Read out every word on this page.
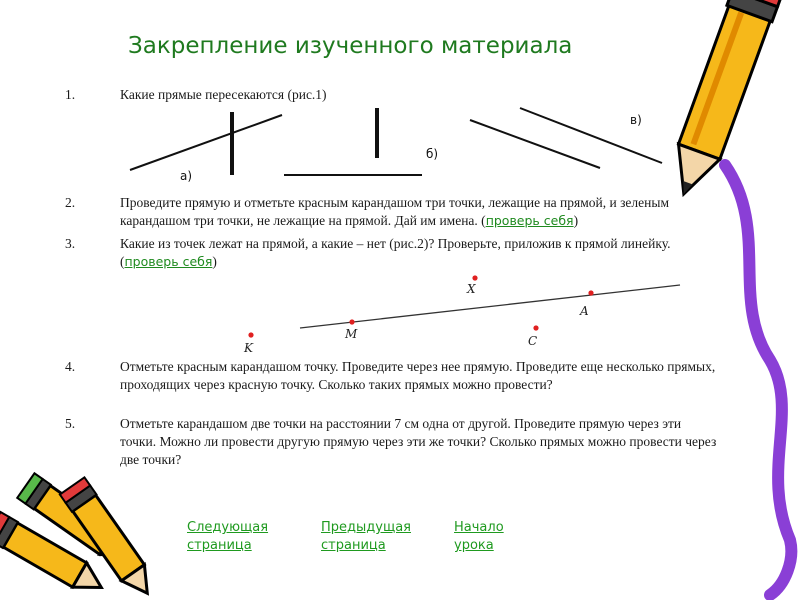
Закрепление изученного материала
1.	Какие прямые пересекаются (рис.1)
а)
б)
в)
2.	Проведите прямую и отметьте красным карандашом три точки, лежащие на прямой, и зеленым карандашом три точки, не лежащие на прямой. Дай им имена. (проверь себя)
3.	Какие из точек лежат на прямой, а какие – нет (рис.2)? Проверьте, приложив к прямой линейку.
(проверь себя)
X
A
M	C
K
4.	Отметьте красным карандашом точку. Проведите через нее прямую. Проведите еще несколько прямых, проходящих через красную точку. Сколько таких прямых можно провести?
5.	Отметьте карандашом две точки на расстоянии 7 см одна от другой. Проведите прямую через эти точки. Можно ли провести другую прямую через эти же точки? Сколько прямых можно провести через две точки?
Следующая
страница
Предыдущая
страница
Начало
урока
